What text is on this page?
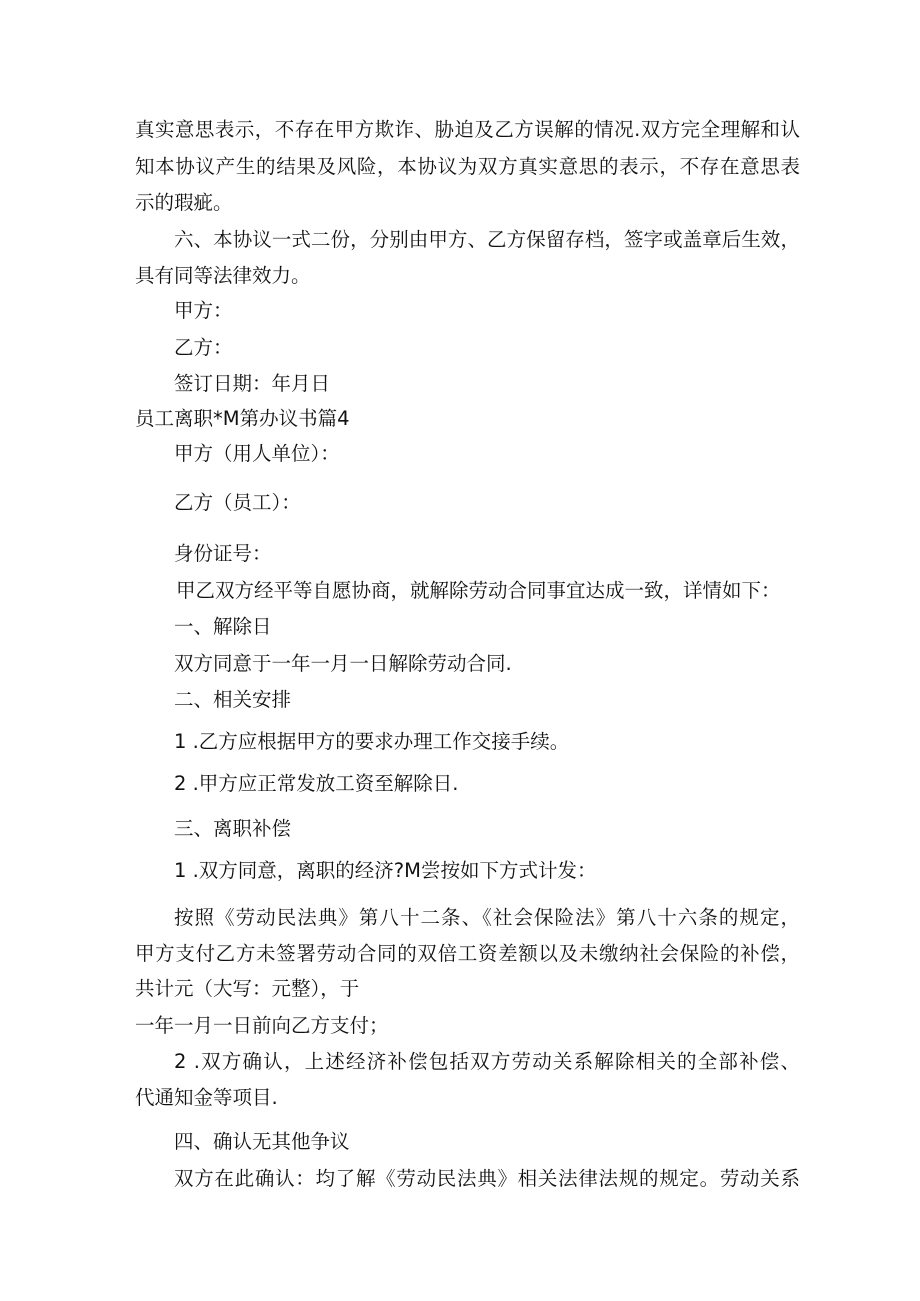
真实意思表示，不存在甲方欺诈、胁迫及乙方误解的情况.双方完全理解和认
知本协议产生的结果及风险，本协议为双方真实意思的表示，不存在意思表
示的瑕疵。
六、本协议一式二份，分别由甲方、乙方保留存档，签字或盖章后生效，
具有同等法律效力。
甲方：
乙方：
签订日期：年月日
员工离职*M第办议书篇4
甲方（用人单位）：
乙方（员工）：
身份证号：
甲乙双方经平等自愿协商，就解除劳动合同事宜达成一致，详情如下：
一、解除日
双方同意于一年一月一日解除劳动合同.
二、相关安排
1 .乙方应根据甲方的要求办理工作交接手续。
2 .甲方应正常发放工资至解除日.
三、离职补偿
1 .双方同意，离职的经济?M尝按如下方式计发：
按照《劳动民法典》第八十二条、《社会保险法》第八十六条的规定，
甲方支付乙方未签署劳动合同的双倍工资差额以及未缴纳社会保险的补偿，
共计元（大写：元整），于
一年一月一日前向乙方支付；
2 .双方确认，上述经济补偿包括双方劳动关系解除相关的全部补偿、
代通知金等项目.
四、确认无其他争议
双方在此确认：均了解《劳动民法典》相关法律法规的规定。劳动关系
